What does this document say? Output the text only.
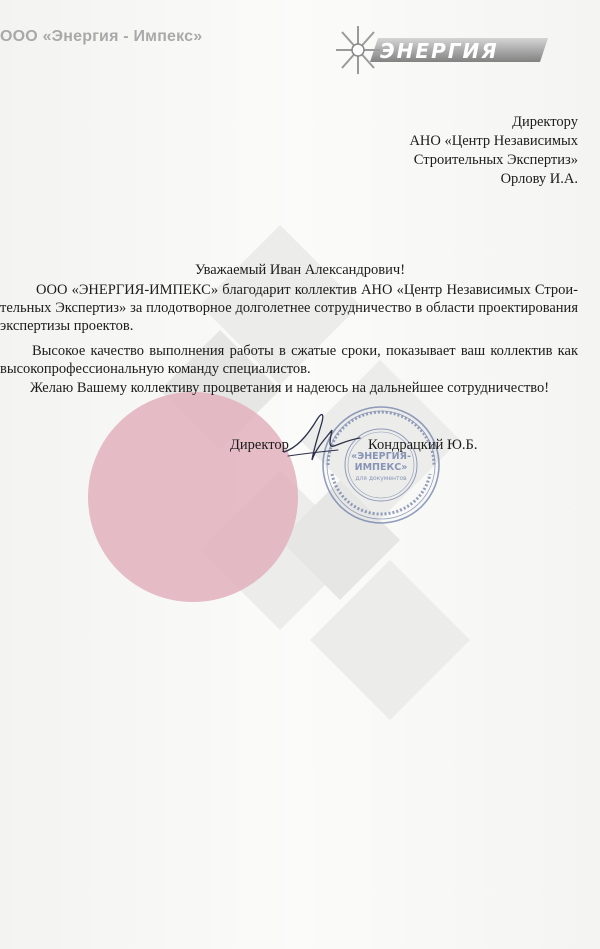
ООО «Энергия - Импекс»
ЭНЕРГИЯ
Директору
АНО «Центр Независимых
Строительных Экспертиз»
Орлову И.А.
Уважаемый Иван Александрович!
ООО «ЭНЕРГИЯ-ИМПЕКС» благодарит коллектив АНО «Центр Независимых Строи-
тельных Экспертиз» за плодотворное долголетнее сотрудничество в области проектирования
экспертизы проектов.
Высокое качество выполнения работы в сжатые сроки, показывает ваш коллектив как
высокопрофессиональную команду специалистов.
Желаю Вашему коллективу процветания и надеюсь на дальнейшее сотрудничество!
«ЭНЕРГИЯ-
ИМПЕКС»
для документов
Директор	Кондрацкий Ю.Б.
